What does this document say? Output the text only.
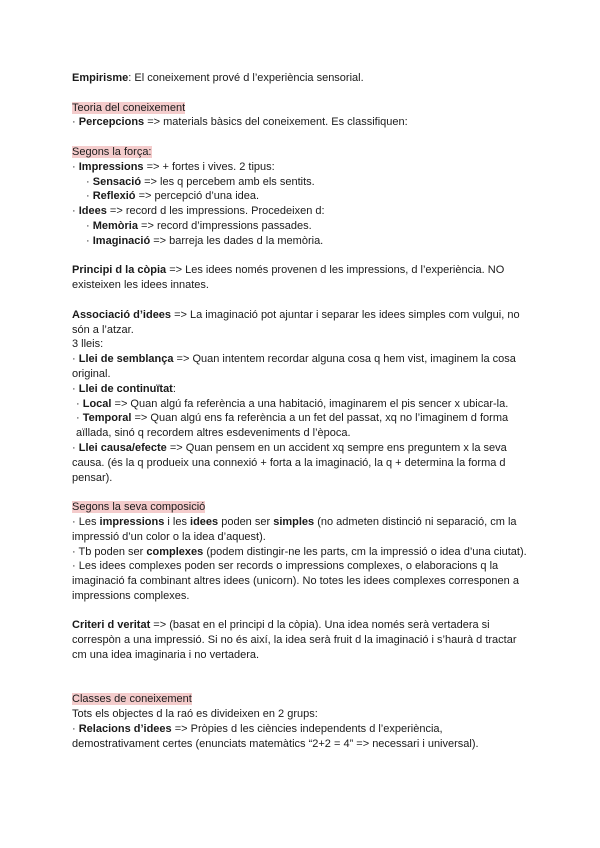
Empirisme: El coneixement prové d l’experiència sensorial.

Teoria del coneixement

· Percepcions => materials bàsics del coneixement. Es classifiquen:

Segons la força:

· Impressions => + fortes i vives. 2 tipus:

· Sensació => les q percebem amb els sentits.

· Reflexió => percepció d’una idea.

· Idees => record d les impressions. Procedeixen d:

· Memòria => record d’impressions passades.

· Imaginació => barreja les dades d la memòria.

Principi d la còpia => Les idees només provenen d les impressions, d l’experiència. NO existeixen les idees innates.

Associació d’idees => La imaginació pot ajuntar i separar les idees simples com vulgui, no són a l’atzar.

3 lleis:

· Llei de semblança => Quan intentem recordar alguna cosa q hem vist, imaginem la cosa original.

· Llei de continuïtat:

· Local => Quan algú fa referència a una habitació, imaginarem el pis sencer x ubicar-la.

· Temporal => Quan algú ens fa referència a un fet del passat, xq no l’imaginem d forma aïllada, sinó q recordem altres esdeveniments d l’època.

· Llei causa/efecte => Quan pensem en un accident xq sempre ens preguntem x la seva causa. (és la q produeix una connexió + forta a la imaginació, la q + determina la forma d pensar).

Segons la seva composició

· Les impressions i les idees poden ser simples (no admeten distinció ni separació, cm la impressió d’un color o la idea d’aquest).

· Tb poden ser complexes (podem distingir-ne les parts, cm la impressió o idea d’una ciutat).

· Les idees complexes poden ser records o impressions complexes, o elaboracions q la imaginació fa combinant altres idees (unicorn). No totes les idees complexes corresponen a impressions complexes.

Criteri d veritat => (basat en el principi d la còpia). Una idea només serà vertadera si correspòn a una impressió. Si no és així, la idea serà fruit d la imaginació i s’haurà d tractar cm una idea imaginaria i no vertadera.

Classes de coneixement

Tots els objectes d la raó es divideixen en 2 grups:

· Relacions d’idees => Pròpies d les ciències independents d l’experiència, demostrativament certes (enunciats matemàtics “2+2 = 4” => necessari i universal).
